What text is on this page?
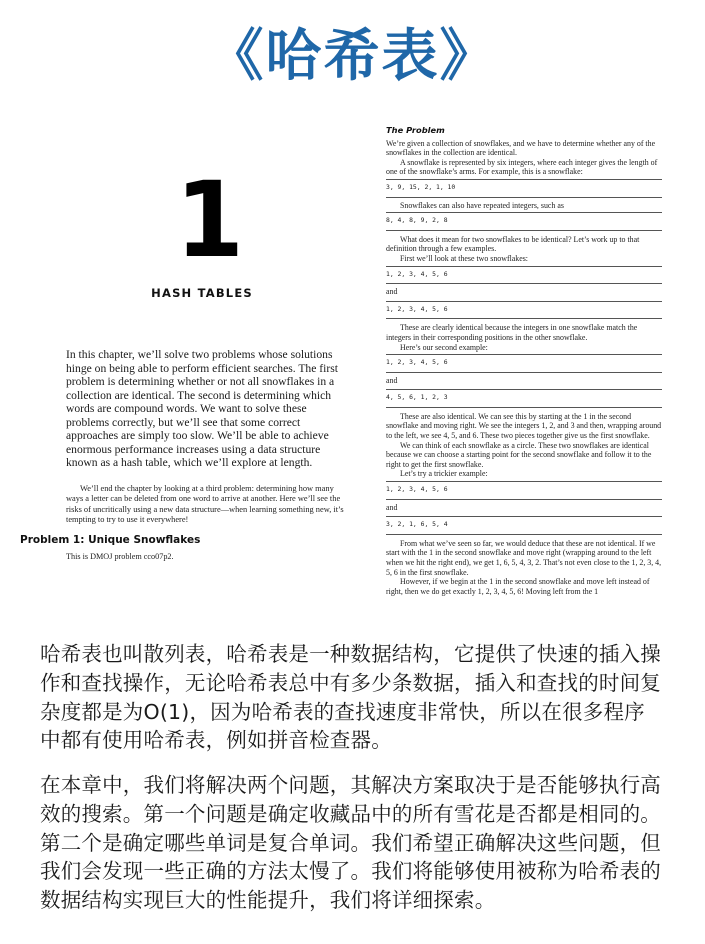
《哈希表》
1
HASH TABLES

In this chapter, we’ll solve two problems whose solutions hinge on being able to perform efficient searches. The first problem is determining whether or not all snowflakes in a collection are identical. The second is determining which words are compound words. We want to solve these problems correctly, but we’ll see that some correct approaches are simply too slow. We’ll be able to achieve enormous performance increases using a data structure known as a hash table, which we’ll explore at length.

We’ll end the chapter by looking at a third problem: determining how many ways a letter can be deleted from one word to arrive at another. Here we’ll see the risks of uncritically using a new data structure—when learning something new, it’s tempting to try to use it everywhere!

Problem 1: Unique Snowflakes
This is DMOJ problem cco07p2.
The Problem

We’re given a collection of snowflakes, and we have to determine whether any of the snowflakes in the collection are identical.

A snowflake is represented by six integers, where each integer gives the length of one of the snowflake’s arms. For example, this is a snowflake:

3, 9, 15, 2, 1, 10

Snowflakes can also have repeated integers, such as

8, 4, 8, 9, 2, 8

What does it mean for two snowflakes to be identical? Let’s work up to that definition through a few examples.

First we’ll look at these two snowflakes:

1, 2, 3, 4, 5, 6
and
1, 2, 3, 4, 5, 6

These are clearly identical because the integers in one snowflake match the integers in their corresponding positions in the other snowflake.

Here’s our second example:

1, 2, 3, 4, 5, 6
and
4, 5, 6, 1, 2, 3

These are also identical. We can see this by starting at the 1 in the second snowflake and moving right. We see the integers 1, 2, and 3 and then, wrapping around to the left, we see 4, 5, and 6. These two pieces together give us the first snowflake.

We can think of each snowflake as a circle. These two snowflakes are identical because we can choose a starting point for the second snowflake and follow it to the right to get the first snowflake.

Let’s try a trickier example:

1, 2, 3, 4, 5, 6
and
3, 2, 1, 6, 5, 4

From what we’ve seen so far, we would deduce that these are not identical. If we start with the 1 in the second snowflake and move right (wrapping around to the left when we hit the right end), we get 1, 6, 5, 4, 3, 2. That’s not even close to the 1, 2, 3, 4, 5, 6 in the first snowflake.

However, if we begin at the 1 in the second snowflake and move left instead of right, then we do get exactly 1, 2, 3, 4, 5, 6! Moving left from the 1

哈希表也叫散列表，哈希表是一种数据结构，它提供了快速的插入操作和查找操作，无论哈希表总中有多少条数据，插入和查找的时间复杂度都是为O(1)，因为哈希表的查找速度非常快，所以在很多程序中都有使用哈希表，例如拼音检查器。

在本章中，我们将解决两个问题，其解决方案取决于是否能够执行高效的搜索。第一个问题是确定收藏品中的所有雪花是否都是相同的。第二个是确定哪些单词是复合单词。我们希望正确解决这些问题，但我们会发现一些正确的方法太慢了。我们将能够使用被称为哈希表的数据结构实现巨大的性能提升，我们将详细探索。
